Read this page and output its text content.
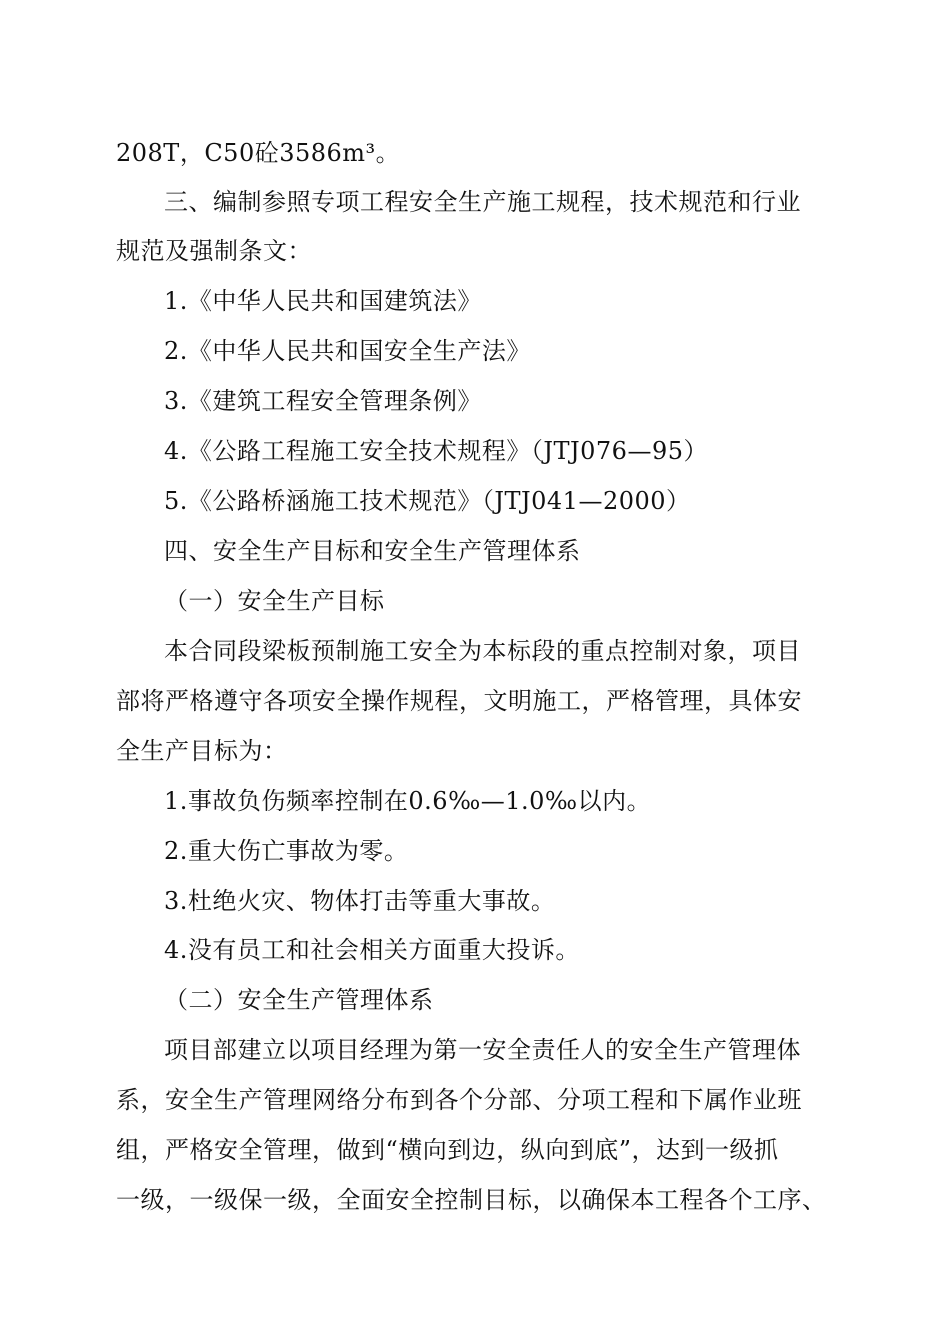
208T，C50砼3586m³。
三、编制参照专项工程安全生产施工规程，技术规范和行业
规范及强制条文：
1.《中华人民共和国建筑法》
2.《中华人民共和国安全生产法》
3.《建筑工程安全管理条例》
4.《公路工程施工安全技术规程》（JTJ076—95）
5.《公路桥涵施工技术规范》（JTJ041—2000）
四、安全生产目标和安全生产管理体系
（一）安全生产目标
本合同段梁板预制施工安全为本标段的重点控制对象，项目
部将严格遵守各项安全操作规程，文明施工，严格管理，具体安
全生产目标为：
1.事故负伤频率控制在0.6‰—1.0‰以内。
2.重大伤亡事故为零。
3.杜绝火灾、物体打击等重大事故。
4.没有员工和社会相关方面重大投诉。
（二）安全生产管理体系
项目部建立以项目经理为第一安全责任人的安全生产管理体
系，安全生产管理网络分布到各个分部、分项工程和下属作业班
组，严格安全管理，做到“横向到边，纵向到底”，达到一级抓
一级，一级保一级，全面安全控制目标，以确保本工程各个工序、
